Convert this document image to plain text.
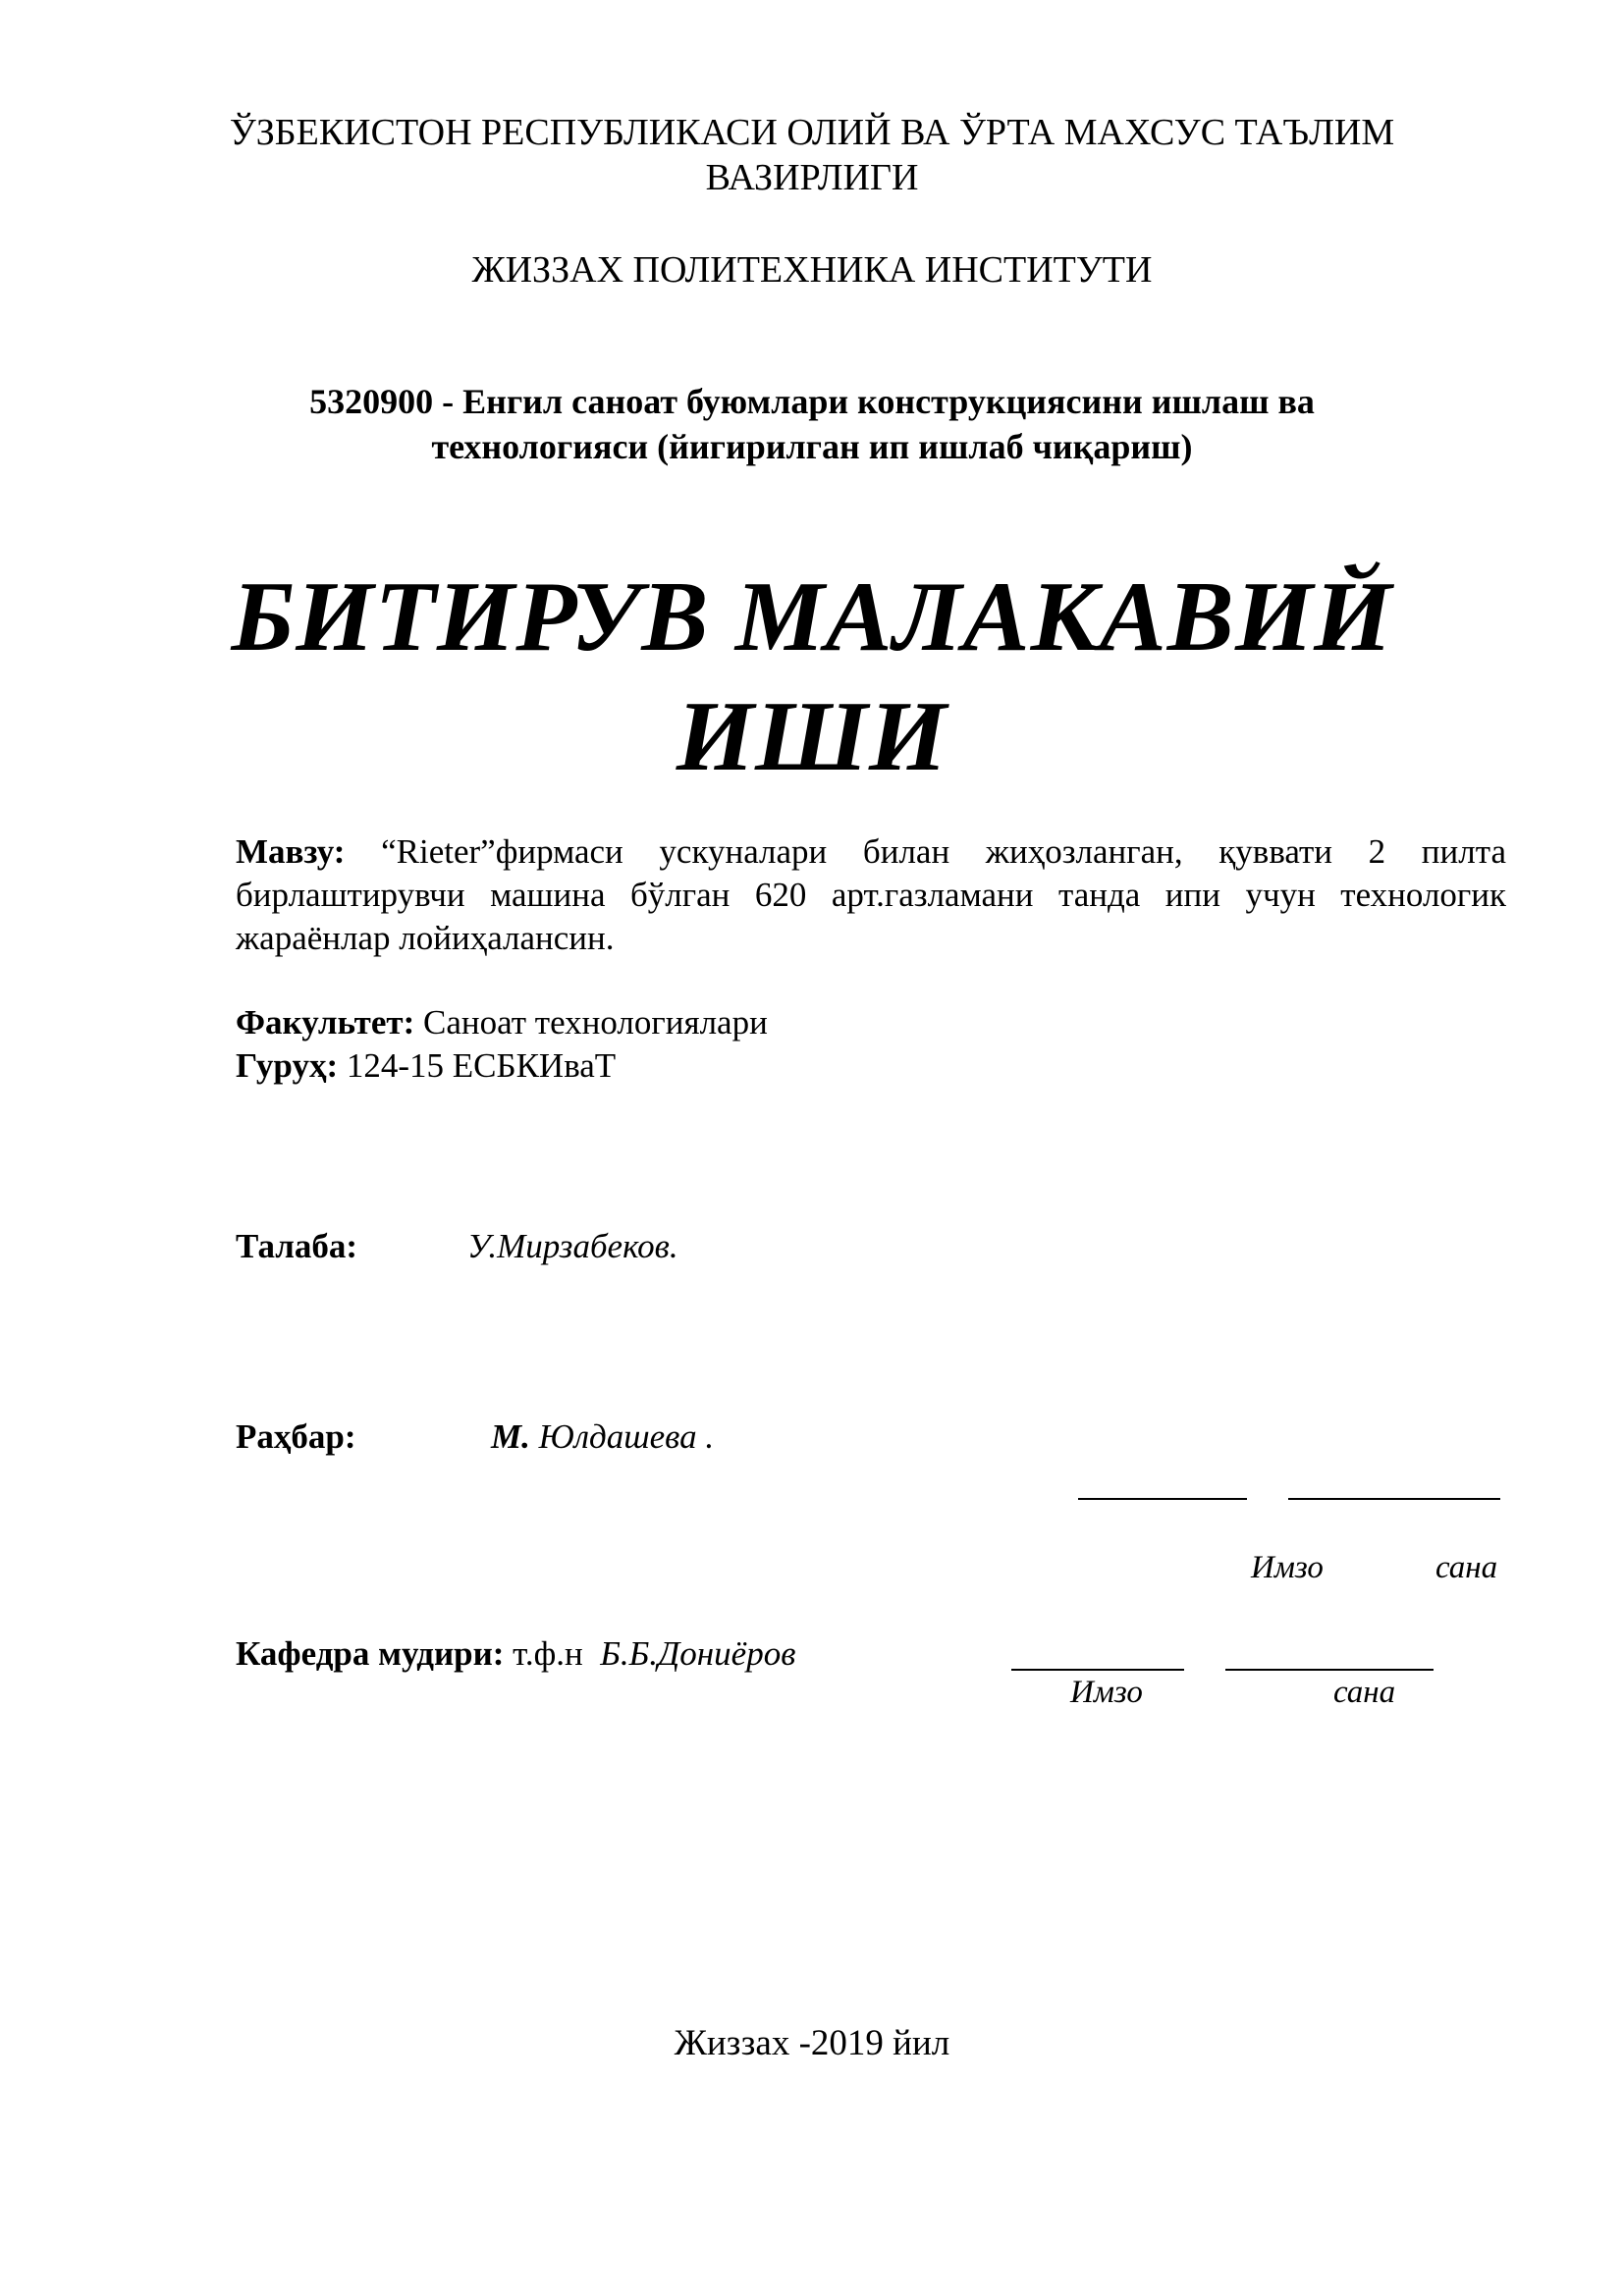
ЎЗБЕКИСТОН РЕСПУБЛИКАСИ ОЛИЙ ВА ЎРТА МАХСУС ТАЪЛИМ
ВАЗИРЛИГИ
ЖИЗЗАХ ПОЛИТЕХНИКА ИНСТИТУТИ
5320900 - Енгил саноат буюмлари конструкциясини ишлаш ва
технологияси (йигирилган ип ишлаб чиқариш)
БИТИРУВ МАЛАКАВИЙ
ИШИ
Мавзу: “Rieter”фирмаси ускуналари билан жиҳозланган, қуввати 2 пилта бирлаштирувчи машина бўлган 620 арт.газламани танда ипи учун технологик жараёнлар лойиҳалансин.
Факультет: Саноат технологиялари
Гуруҳ: 124-15 ЕСБКИваТ
Талаба:	У.Мирзабеков.
Раҳбар:	М. Юлдашева .
Имзо	сана
Кафедра мудири: т.ф.н Б.Б.Дониёров
Имзо	сана
Жиззах -2019 йил
